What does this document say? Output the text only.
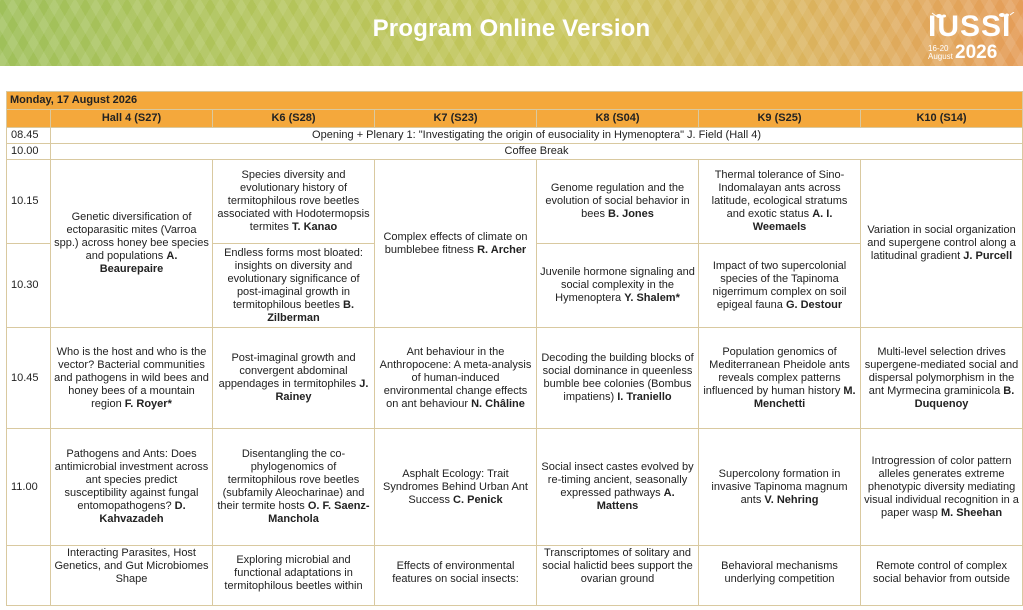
Program Online Version	IUSSI
16-20
August 2026
Monday, 17 August 2026						
	Hall 4 (S27)	K6 (S28)	K7 (S23)	K8 (S04)	K9 (S25)	K10 (S14)
08.45	Opening + Plenary 1: "Investigating the origin of eusociality in Hymenoptera" J. Field (Hall 4)					
10.00	Coffee Break					
10.15	Genetic diversification of ectoparasitic mites (Varroa spp.) across honey bee species and populations A. Beaurepaire	Species diversity and evolutionary history of termitophilous rove beetles associated with Hodotermopsis termites T. Kanao	Complex effects of climate on bumblebee fitness R. Archer	Genome regulation and the evolution of social behavior in bees B. Jones	Thermal tolerance of Sino-Indomalayan ants across latitude, ecological stratums and exotic status A. I. Weemaels	Variation in social organization and supergene control along a latitudinal gradient J. Purcell
10.30		Endless forms most bloated: insights on diversity and evolutionary significance of post-imaginal growth in termitophilous beetles B. Zilberman		Juvenile hormone signaling and social complexity in the Hymenoptera Y. Shalem*	Impact of two supercolonial species of the Tapinoma nigerrimum complex on soil epigeal fauna G. Destour	
10.45	Who is the host and who is the vector? Bacterial communities and pathogens in wild bees and honey bees of a mountain region F. Royer*	Post-imaginal growth and convergent abdominal appendages in termitophiles J. Rainey	Ant behaviour in the Anthropocene: A meta-analysis of human-induced environmental change effects on ant behaviour N. Châline	Decoding the building blocks of social dominance in queenless bumble bee colonies (Bombus impatiens) I. Traniello	Population genomics of Mediterranean Pheidole ants reveals complex patterns influenced by human history M. Menchetti	Multi-level selection drives supergene-mediated social and dispersal polymorphism in the ant Myrmecina graminicola B. Duquenoy
11.00	Pathogens and Ants: Does antimicrobial investment across ant species predict susceptibility against fungal entomopathogens? D. Kahvazadeh	Disentangling the co-phylogenomics of termitophilous rove beetles (subfamily Aleocharinae) and their termite hosts O. F. Saenz-Manchola	Asphalt Ecology: Trait Syndromes Behind Urban Ant Success C. Penick	Social insect castes evolved by re-timing ancient, seasonally expressed pathways A. Mattens	Supercolony formation in invasive Tapinoma magnum ants V. Nehring	Introgression of color pattern alleles generates extreme phenotypic diversity mediating visual individual recognition in a paper wasp M. Sheehan
	Interacting Parasites, Host Genetics, and Gut Microbiomes Shape	Exploring microbial and functional adaptations in termitophilous beetles within	Effects of environmental features on social insects:	Transcriptomes of solitary and social halictid bees support the ovarian ground	Behavioral mechanisms underlying competition	Remote control of complex social behavior from outside
